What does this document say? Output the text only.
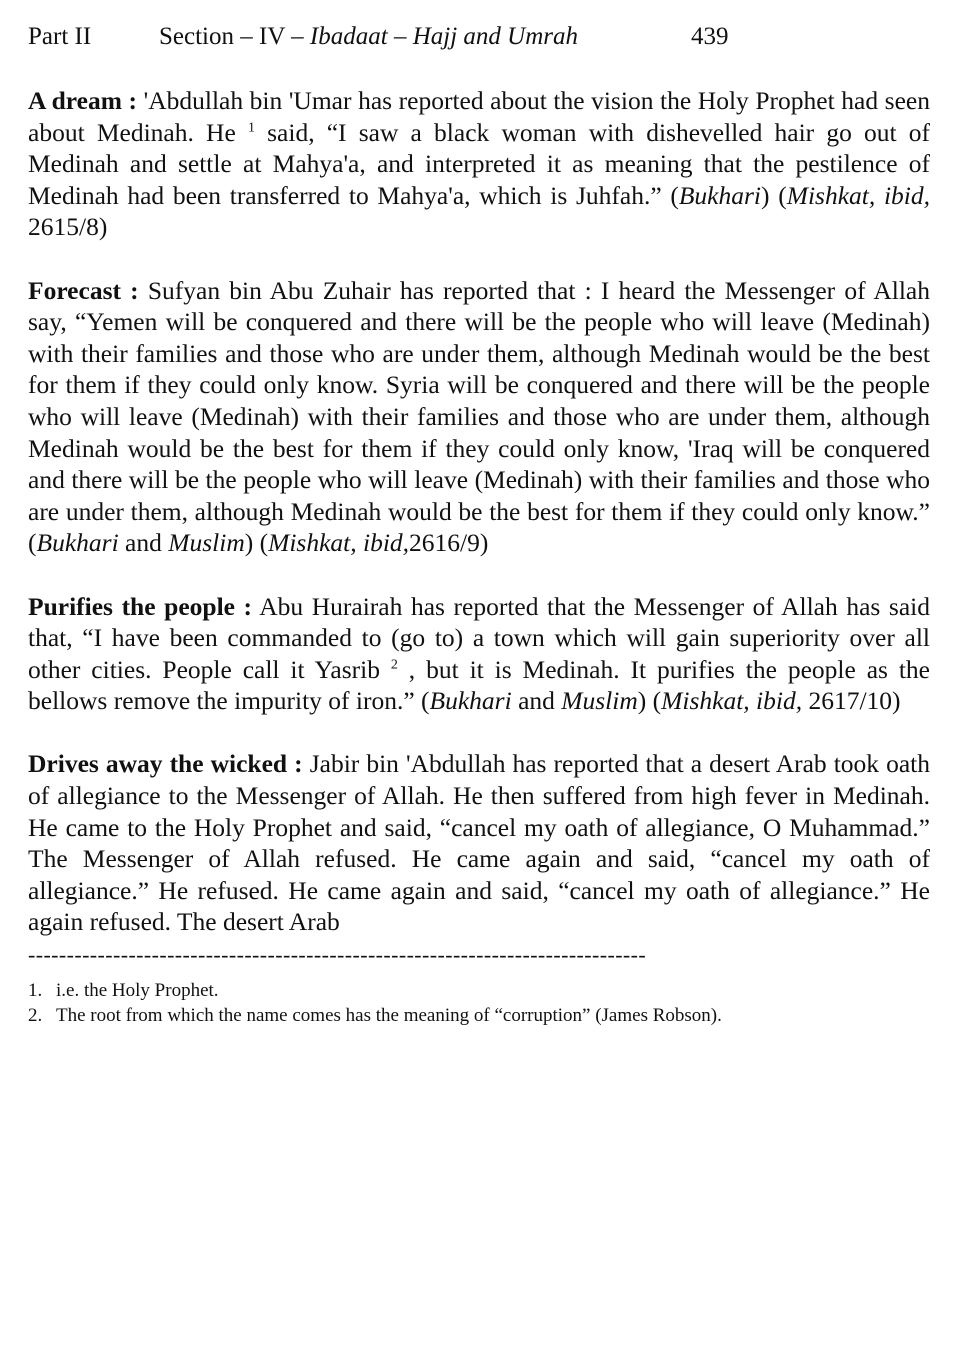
Part II	Section – IV – Ibadaat – Hajj and Umrah	439

A dream : 'Abdullah bin 'Umar has reported about the vision the Holy Prophet had seen about Medinah. He $^1$ said, “I saw a black woman with dishevelled hair go out of Medinah and settle at Mahya'a, and interpreted it as meaning that the pestilence of Medinah had been transferred to Mahya'a, which is Juhfah.” (Bukhari) (Mishkat, ibid, 2615/8)

Forecast : Sufyan bin Abu Zuhair has reported that : I heard the Messenger of Allah say, “Yemen will be conquered and there will be the people who will leave (Medinah) with their families and those who are under them, although Medinah would be the best for them if they could only know. Syria will be conquered and there will be the people who will leave (Medinah) with their families and those who are under them, although Medinah would be the best for them if they could only know, 'Iraq will be conquered and there will be the people who will leave (Medinah) with their families and those who are under them, although Medinah would be the best for them if they could only know.” (Bukhari and Muslim) (Mishkat, ibid,2616/9)

Purifies the people : Abu Hurairah has reported that the Messenger of Allah has said that, “I have been commanded to (go to) a town which will gain superiority over all other cities. People call it Yasrib $^2$ , but it is Medinah. It purifies the people as the bellows remove the impurity of iron.” (Bukhari and Muslim) (Mishkat, ibid, 2617/10)

Drives away the wicked : Jabir bin 'Abdullah has reported that a desert Arab took oath of allegiance to the Messenger of Allah. He then suffered from high fever in Medinah. He came to the Holy Prophet and said, “cancel my oath of allegiance, O Muhammad.” The Messenger of Allah refused. He came again and said, “cancel my oath of allegiance.” He refused. He came again and said, “cancel my oath of allegiance.” He again refused. The desert Arab

--------------------------------------------------------------------------------
1. i.e. the Holy Prophet.
2. The root from which the name comes has the meaning of “corruption” (James Robson).
